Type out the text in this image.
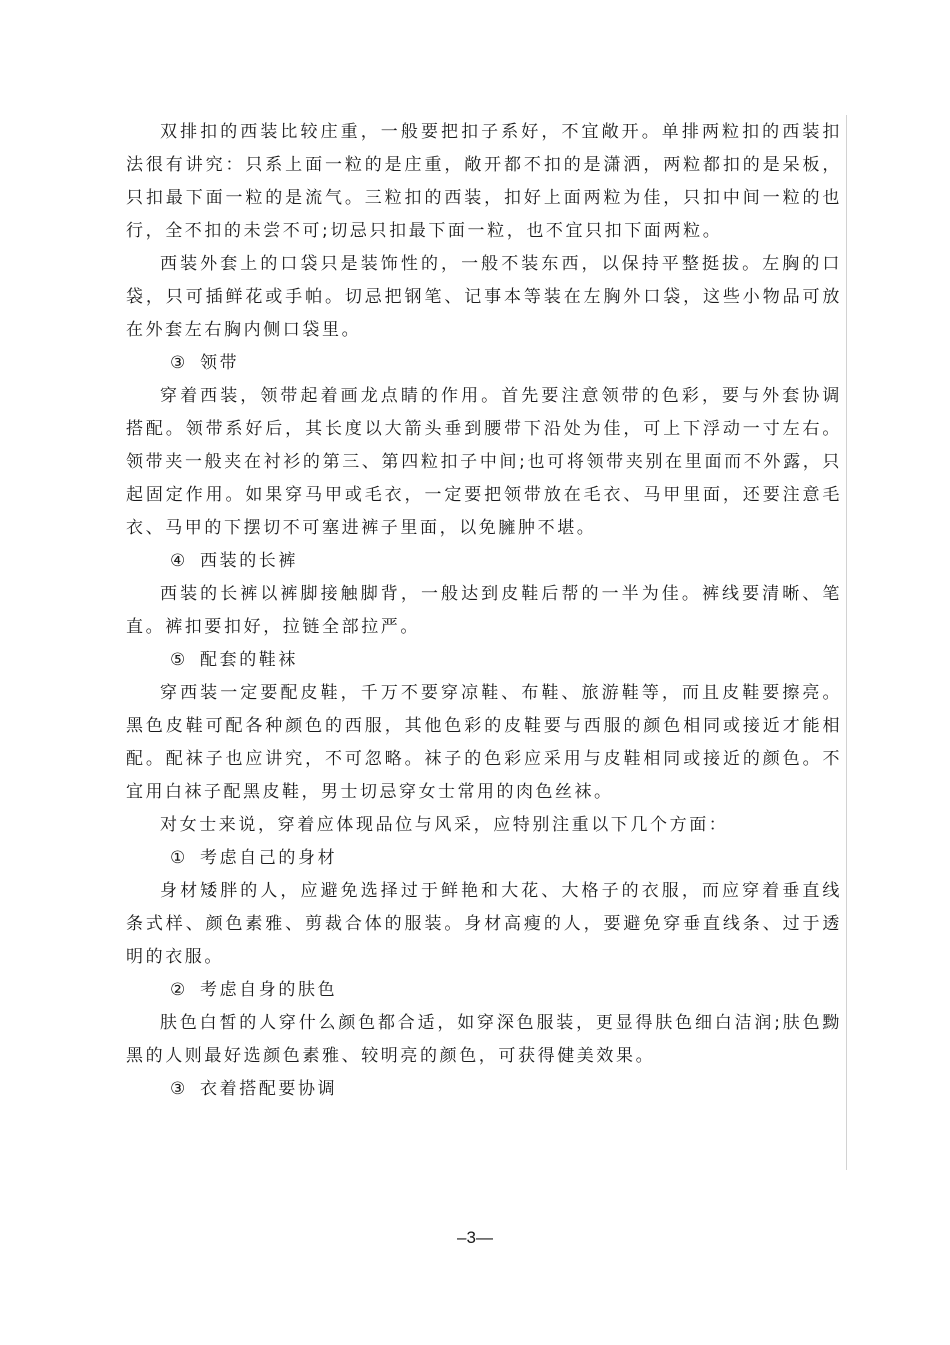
双排扣的西装比较庄重，一般要把扣子系好，不宜敞开。单排两粒扣的西装扣法很有讲究：只系上面一粒的是庄重，敞开都不扣的是潇洒，两粒都扣的是呆板，只扣最下面一粒的是流气。三粒扣的西装，扣好上面两粒为佳，只扣中间一粒的也行，全不扣的未尝不可;切忌只扣最下面一粒，也不宜只扣下面两粒。

西装外套上的口袋只是装饰性的，一般不装东西，以保持平整挺拔。左胸的口袋，只可插鲜花或手帕。切忌把钢笔、记事本等装在左胸外口袋，这些小物品可放在外套左右胸内侧口袋里。

③ 领带

穿着西装，领带起着画龙点睛的作用。首先要注意领带的色彩，要与外套协调搭配。领带系好后，其长度以大箭头垂到腰带下沿处为佳，可上下浮动一寸左右。领带夹一般夹在衬衫的第三、第四粒扣子中间;也可将领带夹别在里面而不外露，只起固定作用。如果穿马甲或毛衣，一定要把领带放在毛衣、马甲里面，还要注意毛衣、马甲的下摆切不可塞进裤子里面，以免臃肿不堪。

④ 西装的长裤

西装的长裤以裤脚接触脚背，一般达到皮鞋后帮的一半为佳。裤线要清晰、笔直。裤扣要扣好，拉链全部拉严。

⑤ 配套的鞋袜

穿西装一定要配皮鞋，千万不要穿凉鞋、布鞋、旅游鞋等，而且皮鞋要擦亮。黑色皮鞋可配各种颜色的西服，其他色彩的皮鞋要与西服的颜色相同或接近才能相配。配袜子也应讲究，不可忽略。袜子的色彩应采用与皮鞋相同或接近的颜色。不宜用白袜子配黑皮鞋，男士切忌穿女士常用的肉色丝袜。

对女士来说，穿着应体现品位与风采，应特别注重以下几个方面：

① 考虑自己的身材

身材矮胖的人，应避免选择过于鲜艳和大花、大格子的衣服，而应穿着垂直线条式样、颜色素雅、剪裁合体的服装。身材高瘦的人，要避免穿垂直线条、过于透明的衣服。

② 考虑自身的肤色

肤色白皙的人穿什么颜色都合适，如穿深色服装，更显得肤色细白洁润;肤色黝黑的人则最好选颜色素雅、较明亮的颜色，可获得健美效果。

③ 衣着搭配要协调

–3—
